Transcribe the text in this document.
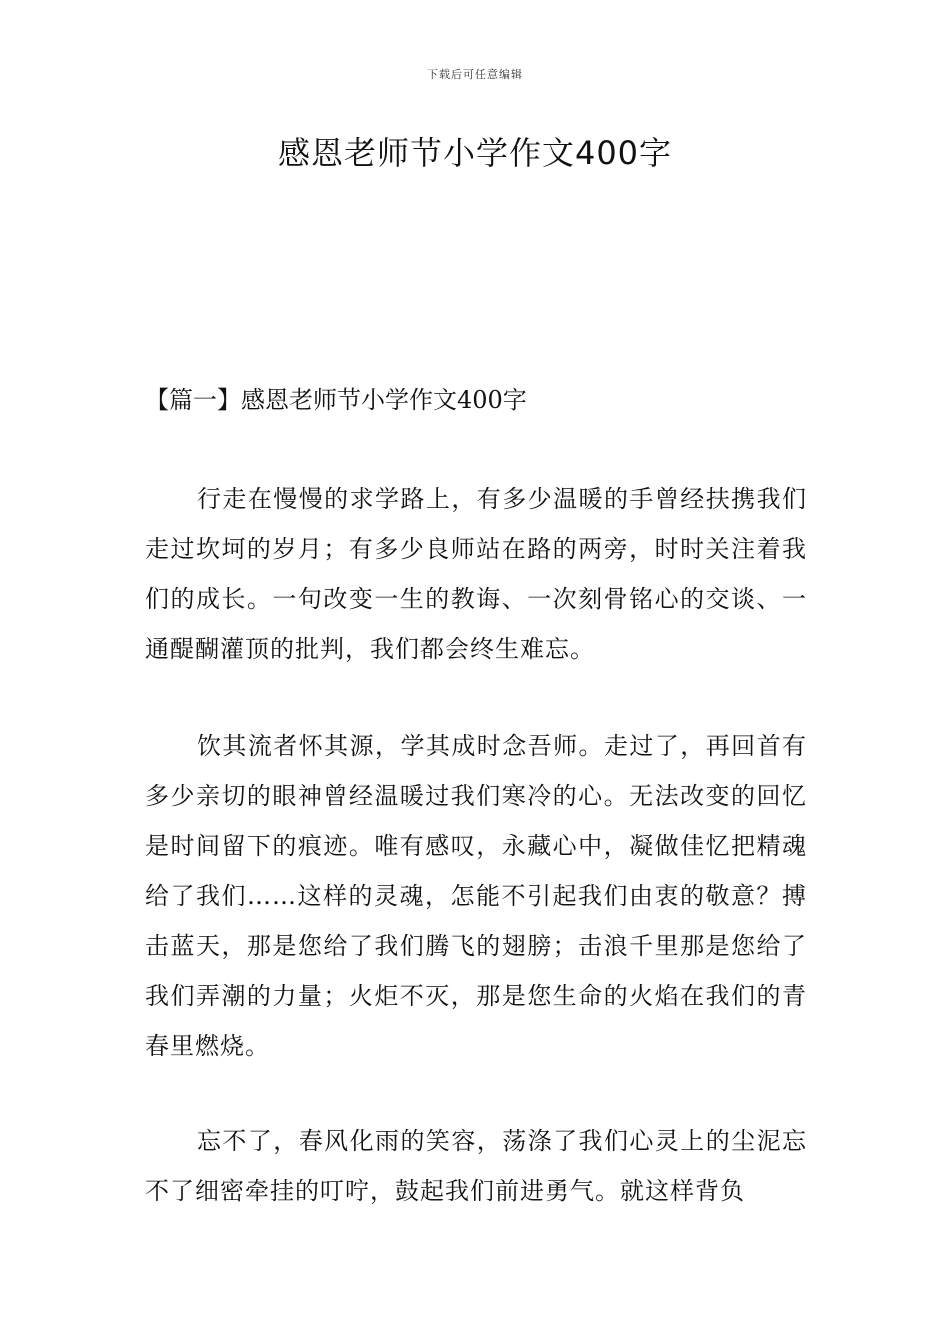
下载后可任意编辑
感恩老师节小学作文400字
【篇一】感恩老师节小学作文400字

行走在慢慢的求学路上，有多少温暖的手曾经扶携我们走过坎坷的岁月；有多少良师站在路的两旁，时时关注着我们的成长。一句改变一生的教诲、一次刻骨铭心的交谈、一通醍醐灌顶的批判，我们都会终生难忘。

饮其流者怀其源，学其成时念吾师。走过了，再回首有多少亲切的眼神曾经温暖过我们寒冷的心。无法改变的回忆是时间留下的痕迹。唯有感叹，永藏心中，凝做佳忆把精魂给了我们……这样的灵魂，怎能不引起我们由衷的敬意？搏击蓝天，那是您给了我们腾飞的翅膀；击浪千里那是您给了我们弄潮的力量；火炬不灭，那是您生命的火焰在我们的青春里燃烧。

忘不了，春风化雨的笑容，荡涤了我们心灵上的尘泥忘不了细密牵挂的叮咛，鼓起我们前进勇气。就这样背负
